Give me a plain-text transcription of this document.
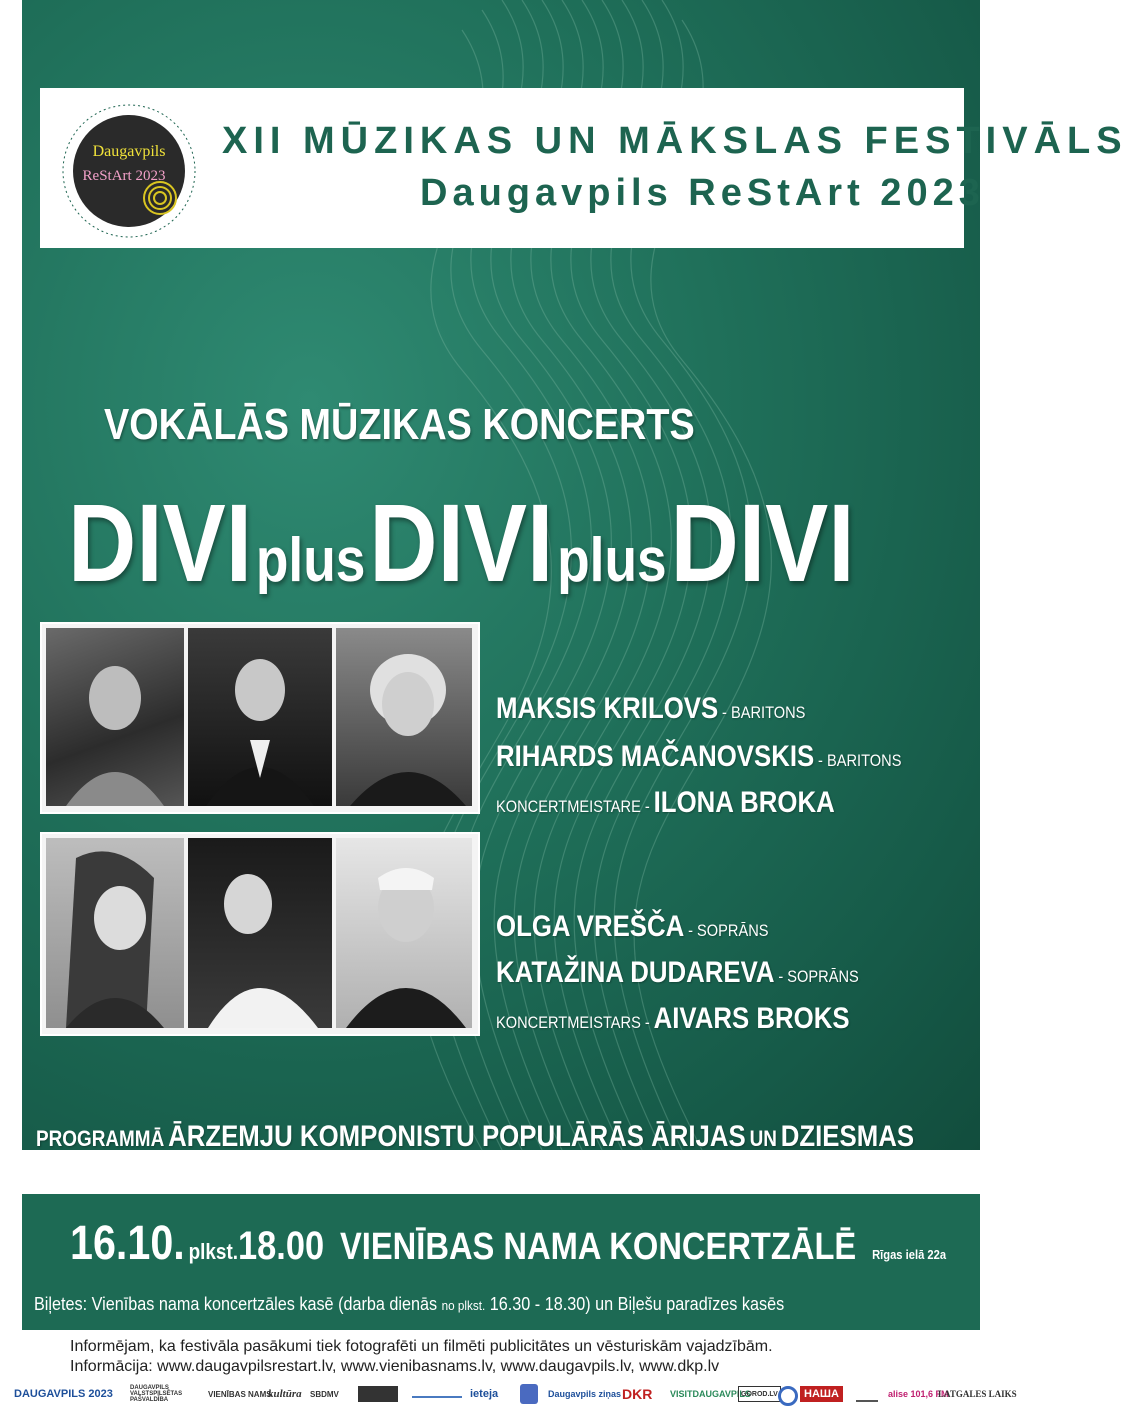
Daugavpils
ReStArt 2023
XII MŪZIKAS UN MĀKSLAS FESTIVĀLS
Daugavpils ReStArt 2023
VOKĀLĀS MŪZIKAS KONCERTS
DIVI plus DIVI plus DIVI
MAKSIS KRILOVS - BARITONS
RIHARDS MAČANOVSKIS - BARITONS
KONCERTMEISTARE - ILONA BROKA
OLGA VREŠČA - SOPRĀNS
KATAŽINA DUDAREVA - SOPRĀNS
KONCERTMEISTARS - AIVARS BROKS
PROGRAMMĀ ĀRZEMJU KOMPONISTU POPULĀRĀS ĀRIJAS UN DZIESMAS
16.10. plkst.18.00 VIENĪBAS NAMA KONCERTZĀLĒ Rīgas ielā 22a
Biļetes: Vienības nama koncertzāles kasē (darba dienās no plkst. 16.30 - 18.30) un Biļešu paradīzes kasēs
Informējam, ka festivāla pasākumi tiek fotografēti un filmēti publicitātes un vēsturiskām vajadzībām.
Informācija: www.daugavpilsrestart.lv, www.vienibasnams.lv, www.daugavpils.lv, www.dkp.lv
DAUGAVPILS 2023	DAUGAVPILS VALSTSPILSĒTAS PAŠVALDĪBA
VIENĪBAS NAMS
kultūra SBDMV	ieteja	Daugavpils ziņas DKR VISITDAUGAVPILS
GOROD.LV	НАША	alise 101,6 FM
LATGALES LAIKS
